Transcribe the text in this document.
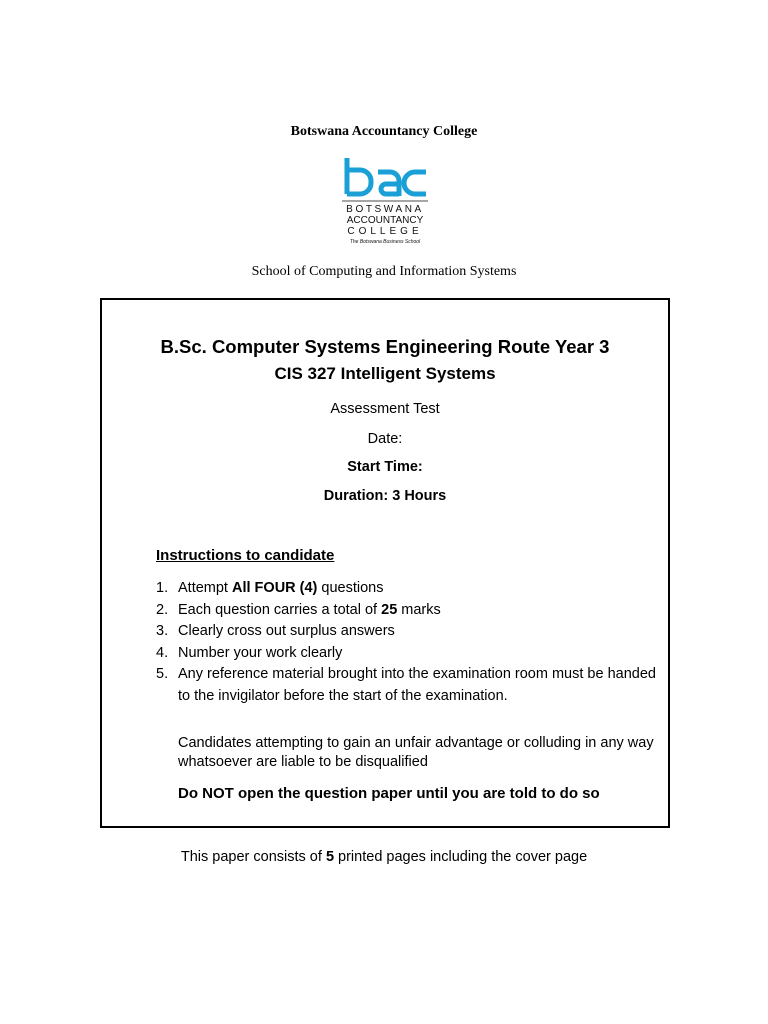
Botswana Accountancy College
BOTSWANA
ACCOUNTANCY
COLLEGE
The Botswana Business School
School of Computing and Information Systems
B.Sc. Computer Systems Engineering Route Year 3
CIS 327 Intelligent Systems
Assessment Test
Date:
Start Time:
Duration: 3 Hours
Instructions to candidate
1. Attempt All FOUR (4) questions
2. Each question carries a total of 25 marks
3. Clearly cross out surplus answers
4. Number your work clearly
5. Any reference material brought into the examination room must be handed to the invigilator before the start of the examination.
Candidates attempting to gain an unfair advantage or colluding in any way whatsoever are liable to be disqualified
Do NOT open the question paper until you are told to do so
This paper consists of 5 printed pages including the cover page
